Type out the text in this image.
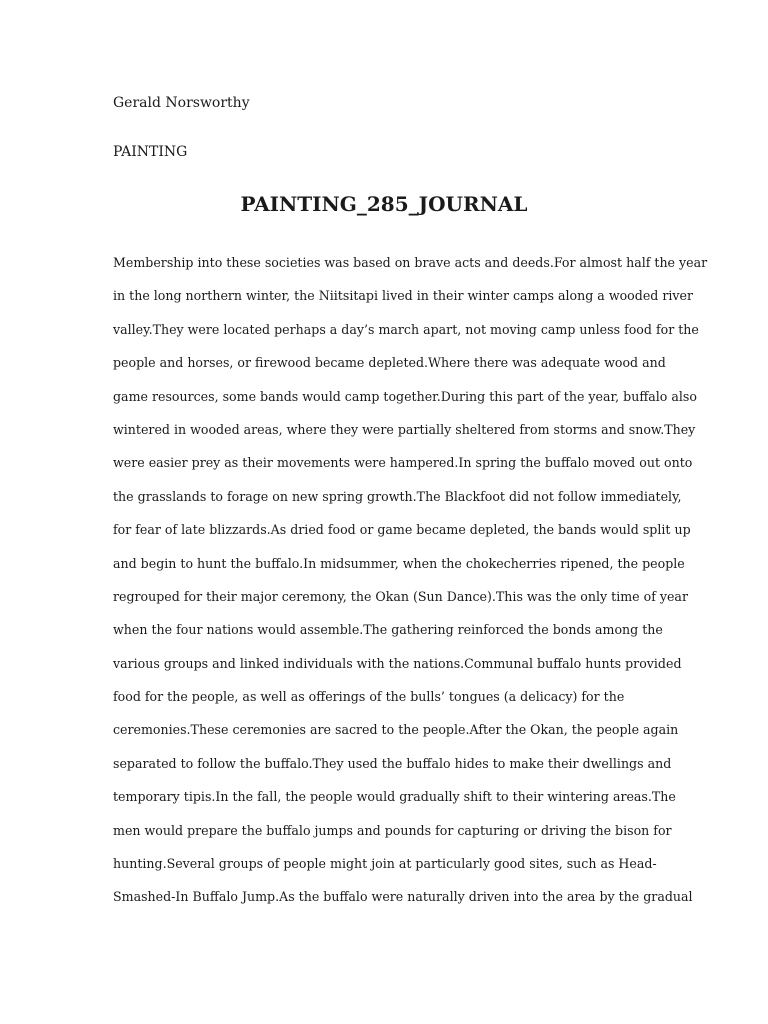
Gerald Norsworthy
PAINTING
PAINTING_285_JOURNAL
Membership into these societies was based on brave acts and deeds.For almost half the year
in the long northern winter, the Niitsitapi lived in their winter camps along a wooded river
valley.They were located perhaps a day’s march apart, not moving camp unless food for the
people and horses, or firewood became depleted.Where there was adequate wood and
game resources, some bands would camp together.During this part of the year, buffalo also
wintered in wooded areas, where they were partially sheltered from storms and snow.They
were easier prey as their movements were hampered.In spring the buffalo moved out onto
the grasslands to forage on new spring growth.The Blackfoot did not follow immediately,
for fear of late blizzards.As dried food or game became depleted, the bands would split up
and begin to hunt the buffalo.In midsummer, when the chokecherries ripened, the people
regrouped for their major ceremony, the Okan (Sun Dance).This was the only time of year
when the four nations would assemble.The gathering reinforced the bonds among the
various groups and linked individuals with the nations.Communal buffalo hunts provided
food for the people, as well as offerings of the bulls’ tongues (a delicacy) for the
ceremonies.These ceremonies are sacred to the people.After the Okan, the people again
separated to follow the buffalo.They used the buffalo hides to make their dwellings and
temporary tipis.In the fall, the people would gradually shift to their wintering areas.The
men would prepare the buffalo jumps and pounds for capturing or driving the bison for
hunting.Several groups of people might join at particularly good sites, such as Head-
Smashed-In Buffalo Jump.As the buffalo were naturally driven into the area by the gradual
